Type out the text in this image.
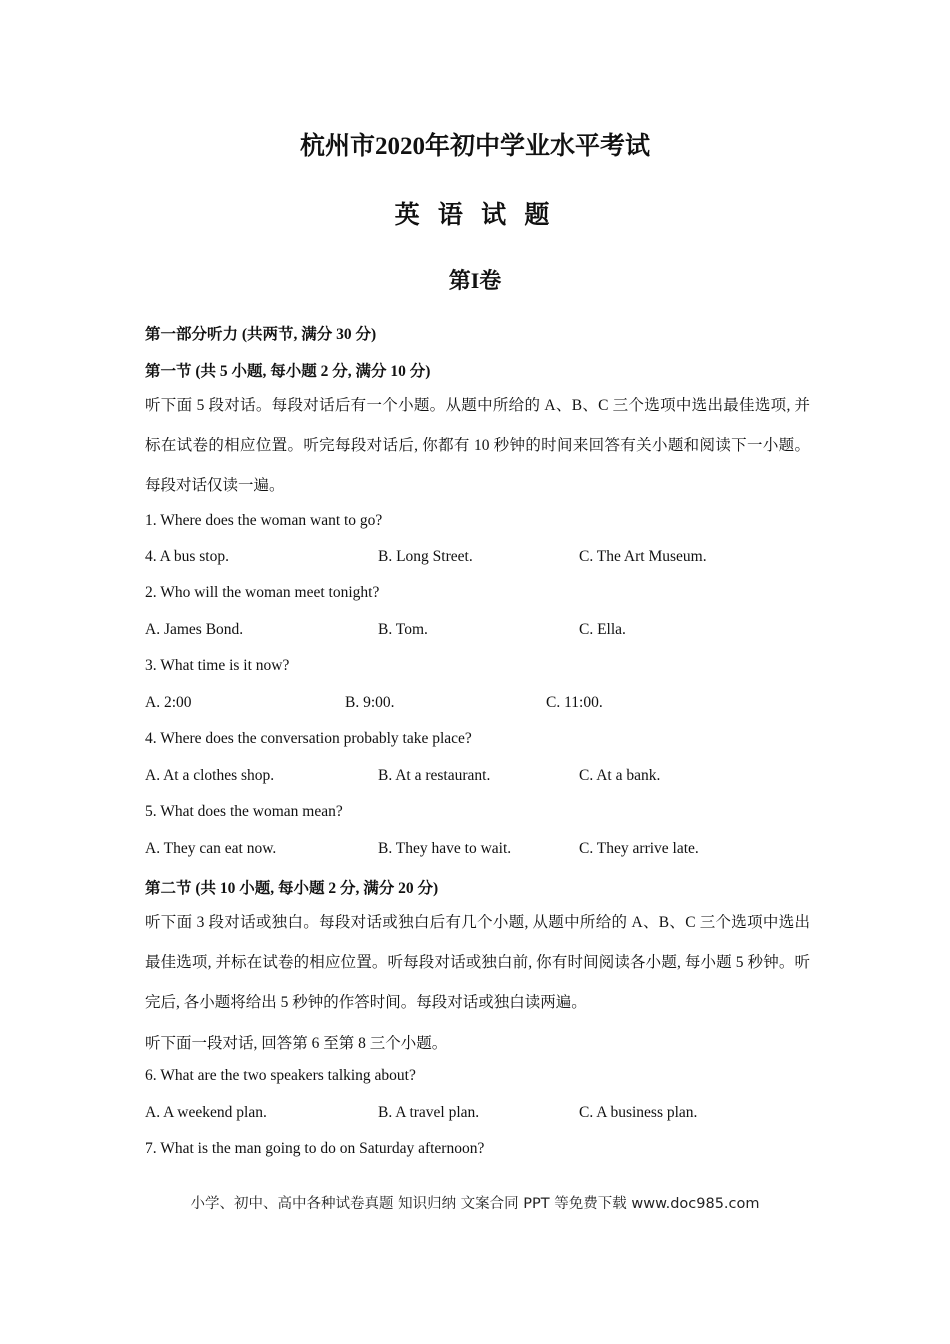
杭州市2020年初中学业水平考试
英 语 试 题
第I卷
第一部分听力 (共两节, 满分 30 分)
第一节 (共 5 小题, 每小题 2 分, 满分 10 分)
听下面 5 段对话。每段对话后有一个小题。从题中所给的 A、B、C 三个选项中选出最佳选项, 并标在试卷的相应位置。听完每段对话后, 你都有 10 秒钟的时间来回答有关小题和阅读下一小题。每段对话仅读一遍。
1. Where does the woman want to go?
4. A bus stop.	B. Long Street.	C. The Art Museum.
2. Who will the woman meet tonight?
A. James Bond.	B. Tom.	C. Ella.
3. What time is it now?
A. 2:00	B. 9:00.	C. 11:00.
4. Where does the conversation probably take place?
A. At a clothes shop.	B. At a restaurant.	C. At a bank.
5. What does the woman mean?
A. They can eat now.	B. They have to wait.	C. They arrive late.
第二节 (共 10 小题, 每小题 2 分, 满分 20 分)
听下面 3 段对话或独白。每段对话或独白后有几个小题, 从题中所给的 A、B、C 三个选项中选出最佳选项, 并标在试卷的相应位置。听每段对话或独白前, 你有时间阅读各小题, 每小题 5 秒钟。听完后, 各小题将给出 5 秒钟的作答时间。每段对话或独白读两遍。
听下面一段对话, 回答第 6 至第 8 三个小题。
6. What are the two speakers talking about?
A. A weekend plan.	B. A travel plan.	C. A business plan.
7. What is the man going to do on Saturday afternoon?
小学、初中、高中各种试卷真题 知识归纳 文案合同 PPT 等免费下载 www.doc985.com
